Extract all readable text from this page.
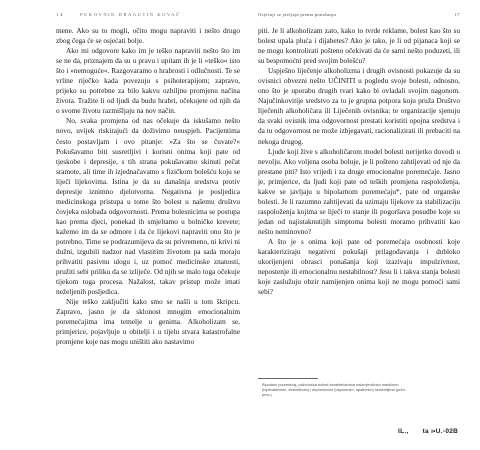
1 4	PUKOVNIK DRAGUTIN KOVAČ	Osjećaji se javljaju prema ponašanju	17

mene. Ako su to mogli, očito mogu napraviti i nešto drugo zbog čega će se osjećati bolje.

Ako mi odgovore kako im je teško napraviti nešto što im se ne da, priznajem da su u pravu i upitam ih je li »teško« isto što i »nemoguće«. Razgovaramo o hrabrosti i odlučnosti. Te se vrline riječko kada povezuju s psihoterapijom; zapravo, prijeko su potrebne za bilo kakvu ozbiljnu promjenu načina života. Tražite li od ljudi da budu hrabri, očekujete od njih da o svome životu razmišljaju na nov način.

No, svaka promjena od nas očekuje da iskušamo nešto novo, uvijek riskirajući da doživimo neuspjeh. Pacijentima često postavljam i ovo pitanje: »Za što se čuvate?« Pokušavamo biti susretljivi i korisni onima koji pate od tjeskobe i depresije, s tih strana pokušavamo skinuti pečat sramote, ali time ih izjednačavamo s fizičkom bolešću koju se liječi lijekovima. Istina je da su današnja sredstva protiv depresije iznimno djelotvorna. Negativna je posljedica medicinskoga pristupa u tome što bolest u našemu društvu čovjeka oslobađa odgovornosti. Prema bolesnicima se postupa kao prema djeci, ponekad ih smjeltamo u bolničke krevete; kažemo im da se odmore i da će lijekovi napraviti ono što je potrebno. Time se podrazumijeva da su privremeno, ni krivi ni dužni, izgubili nadzor nad vlastitim životom pa sada moraju prihvatiti pasivnu ulogu i, uz pomoć medicinske znanosti, pružiti sebi priliku da se izliječe. Od njih se malo toga očekuje tijekom toga procesa. Nažalost, takav pristup može imati neželjenih posljedica.

Nije teško zaključiti kako smo se našli u tom škripcu. Zapravo, jasno je da sklonost mnogim emocionalnim poremećajima ima temelje u genima. Alkoholizam se, primjerice, pojavljuje u obitelji i u tijelu stvara katastrofalne promjene koje nas mogu uništiti ako nastavimo

piti. Je li alkoholizam zato, kako to tvrde reklame, bolest kao što su bolest upala pluća i dijabetes? Ako je tako, je li od pijanaca koji se ne mogu kontrolirati pošteno očekivati da će sami nešto poduzeti, ili su bespomoćni pred svojim bolešću?

Uspješno liječenje alkoholizma i drugih ovisnosti pokazuje da su ovisnici obvezni nešto UČINITI u pogledu svoje bolesti, odnosno, ono što je uporabu drugih tvari kako bi ovladali svojim nagonom. Najučinkovitije sredstvo za to je grupna potpora koju pruža Društvo liječenih alkoholičara ili Liječenih ovisnika; te organizacije sjenuju da svaki ovisnik ima odgovornost prestati koristiti opojna sredstva i da tu odgovornost ne može izbjegavati, racionalizirati ili prebaciti na nekoga drugog.

Ljude koji žive s alkoholičarom model bolesti nerijetko dovodi u nevolju. Ako voljena osoba boluje, je li pošteno zahtijevati od nje da prestane piti? Isto vrijedi i za druge emocionalne poremećaje. Jasno je, primjerice, da ljudi koji pate od teških promjena raspoloženja, kakve se javljaju u bipolarnom poremećaju*, pate od organske bolesti. Je li razumno zahtijevati da uzimaju lijekove za stabilizaciju raspoloženja kojima se liječi to stanje ili pogoršava posudbe koje su jedan od najistaknutijih simptoma bolesti moramo prihvatiti kao nešto neminovno?

A što je s onima koji pate od poremećaja osobnosti koje karakteriziraju negativni pokušaji prilagođavanja i dubloko ukorijenjeni obrasci ponašanja koji izazivaju impulzivnost, nepostenje ili emocionalnu nestabilnost? Jesu li i takva stanja bolesti koje zaslužuju obzir namijenjen onima koji ne mogu pomoći sami sebi?

Bipolarni poremećaj, psihološka bolest karakterizirana naizmjeničnim maničnim (hiperaktivnim, ekstatičnim) i depresivnim (usporenim, apatičnim) razdobljima (prim. prev.)
IL., ta ı•U.-02B
